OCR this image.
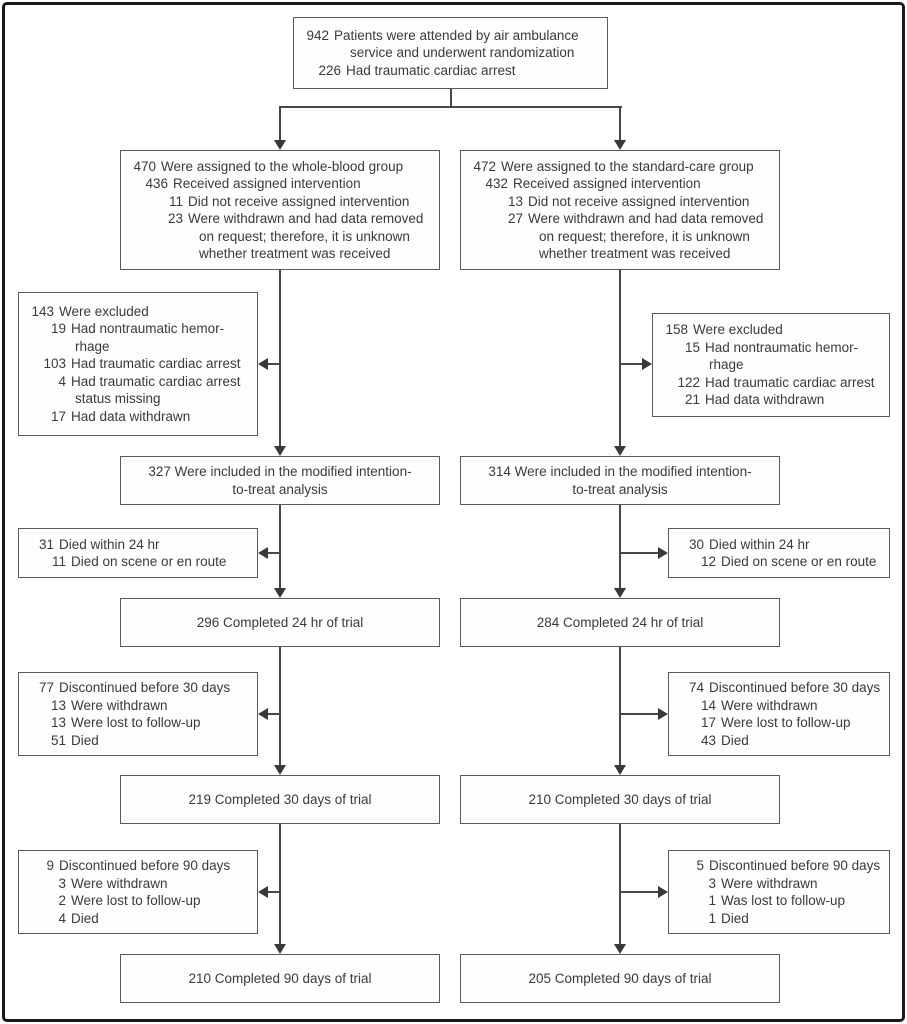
942 Patients were attended by air ambulance
service and underwent randomization
226 Had traumatic cardiac arrest
470 Were assigned to the whole-blood group
436 Received assigned intervention
11 Did not receive assigned intervention
23 Were withdrawn and had data removed
on request; therefore, it is unknown
whether treatment was received
472 Were assigned to the standard-care group
432 Received assigned intervention
13 Did not receive assigned intervention
27 Were withdrawn and had data removed
on request; therefore, it is unknown
whether treatment was received
143 Were excluded
19 Had nontraumatic hemor-
rhage
103 Had traumatic cardiac arrest
4 Had traumatic cardiac arrest
status missing
17 Had data withdrawn
158 Were excluded
15 Had nontraumatic hemor-
rhage
122 Had traumatic cardiac arrest
21 Had data withdrawn
327 Were included in the modified intention-
to-treat analysis
314 Were included in the modified intention-
to-treat analysis
31 Died within 24 hr
11 Died on scene or en route
30 Died within 24 hr
12 Died on scene or en route
296 Completed 24 hr of trial	284 Completed 24 hr of trial
77 Discontinued before 30 days
13 Were withdrawn
13 Were lost to follow-up
51 Died
74 Discontinued before 30 days
14 Were withdrawn
17 Were lost to follow-up
43 Died
219 Completed 30 days of trial	210 Completed 30 days of trial
9 Discontinued before 90 days
3 Were withdrawn
2 Were lost to follow-up
4 Died
5 Discontinued before 90 days
3 Were withdrawn
1 Was lost to follow-up
1 Died
210 Completed 90 days of trial	205 Completed 90 days of trial
